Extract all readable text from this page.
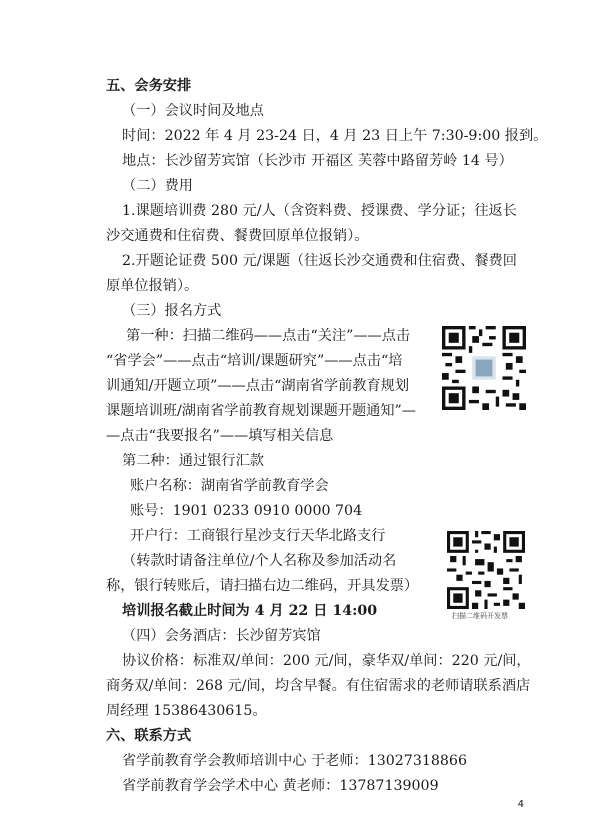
五、会务安排
（一）会议时间及地点
时间：2022 年 4 月 23-24 日，4 月 23 日上午 7:30-9:00 报到。
地点：长沙留芳宾馆（长沙市 开福区 芙蓉中路留芳岭 14 号）
（二）费用
1.课题培训费 280 元/人（含资料费、授课费、学分证；往返长
沙交通费和住宿费、餐费回原单位报销）。
2.开题论证费 500 元/课题（往返长沙交通费和住宿费、餐费回
原单位报销）。
（三）报名方式
第一种：扫描二维码——点击“关注”——点击
“省学会”——点击“培训/课题研究”——点击“培
训通知/开题立项”——点击“湖南省学前教育规划
课题培训班/湖南省学前教育规划课题开题通知”—
—点击“我要报名”——填写相关信息
第二种：通过银行汇款
账户名称：湖南省学前教育学会
账号：1901 0233 0910 0000 704
开户行：工商银行星沙支行天华北路支行
（转款时请备注单位/个人名称及参加活动名
称，银行转账后，请扫描右边二维码，开具发票）
培训报名截止时间为 4 月 22 日 14:00	扫描二维码开发票
（四）会务酒店：长沙留芳宾馆
协议价格：标准双/单间：200 元/间，豪华双/单间：220 元/间，
商务双/单间：268 元/间，均含早餐。有住宿需求的老师请联系酒店
周经理 15386430615。
六、联系方式
省学前教育学会教师培训中心 于老师：13027318866
省学前教育学会学术中心 黄老师：13787139009
4
